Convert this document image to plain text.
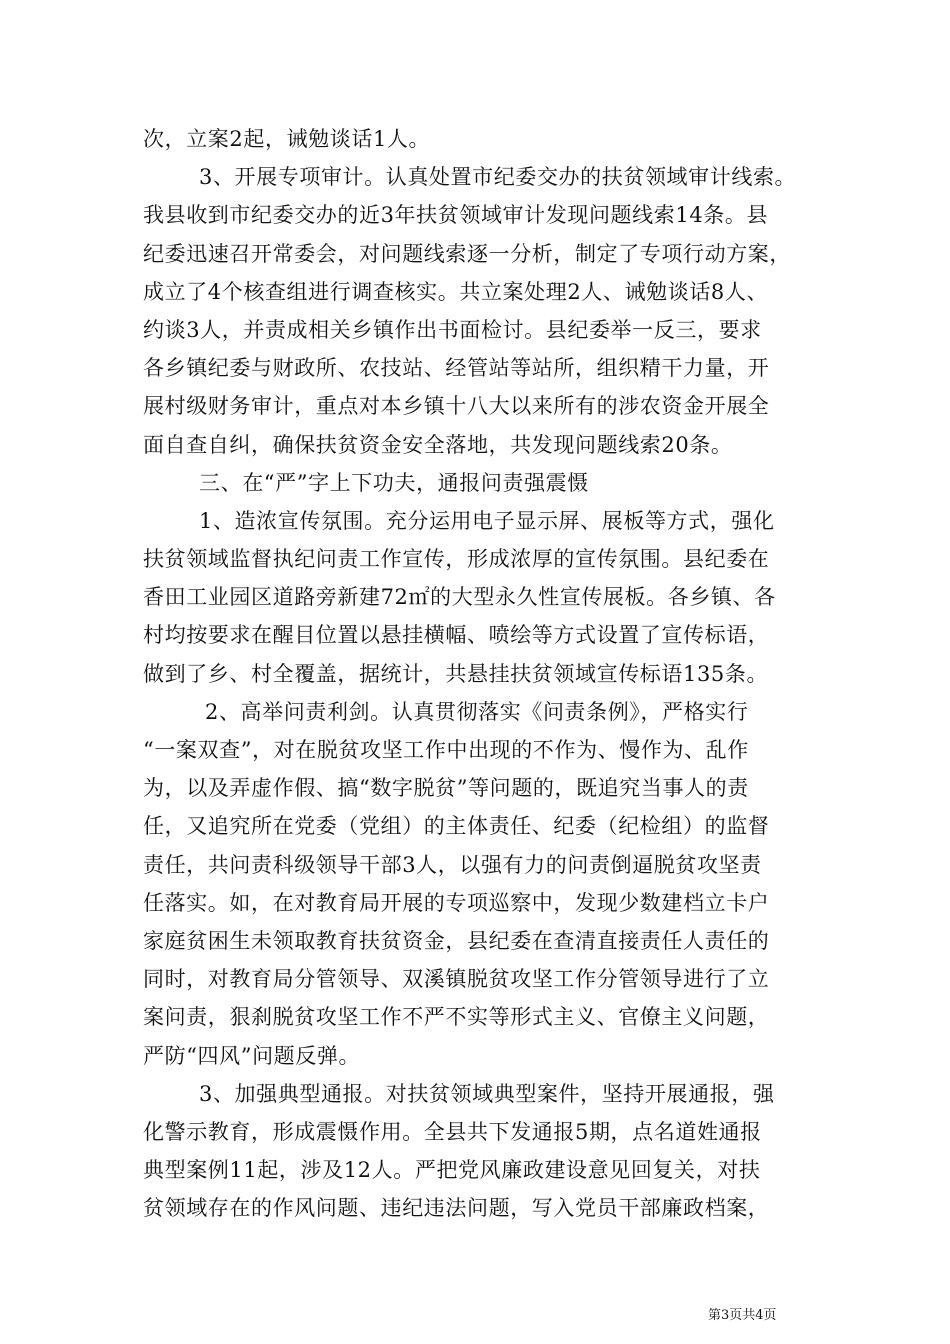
次，立案2起，诫勉谈话1人。
3、开展专项审计。认真处置市纪委交办的扶贫领域审计线索。
我县收到市纪委交办的近3年扶贫领域审计发现问题线索14条。县
纪委迅速召开常委会，对问题线索逐一分析，制定了专项行动方案，
成立了4个核查组进行调查核实。共立案处理2人、诫勉谈话8人、
约谈3人，并责成相关乡镇作出书面检讨。县纪委举一反三，要求
各乡镇纪委与财政所、农技站、经管站等站所，组织精干力量，开
展村级财务审计，重点对本乡镇十八大以来所有的涉农资金开展全
面自查自纠，确保扶贫资金安全落地，共发现问题线索20条。
三、在“严”字上下功夫，通报问责强震慑
1、造浓宣传氛围。充分运用电子显示屏、展板等方式，强化
扶贫领域监督执纪问责工作宣传，形成浓厚的宣传氛围。县纪委在
香田工业园区道路旁新建72㎡的大型永久性宣传展板。各乡镇、各
村均按要求在醒目位置以悬挂横幅、喷绘等方式设置了宣传标语，
做到了乡、村全覆盖，据统计，共悬挂扶贫领域宣传标语135条。
2、高举问责利剑。认真贯彻落实《问责条例》，严格实行
“一案双查”，对在脱贫攻坚工作中出现的不作为、慢作为、乱作
为，以及弄虚作假、搞“数字脱贫”等问题的，既追究当事人的责
任，又追究所在党委（党组）的主体责任、纪委（纪检组）的监督
责任，共问责科级领导干部3人，以强有力的问责倒逼脱贫攻坚责
任落实。如，在对教育局开展的专项巡察中，发现少数建档立卡户
家庭贫困生未领取教育扶贫资金，县纪委在查清直接责任人责任的
同时，对教育局分管领导、双溪镇脱贫攻坚工作分管领导进行了立
案问责，狠刹脱贫攻坚工作不严不实等形式主义、官僚主义问题，
严防“四风”问题反弹。
3、加强典型通报。对扶贫领域典型案件，坚持开展通报，强
化警示教育，形成震慑作用。全县共下发通报5期，点名道姓通报
典型案例11起，涉及12人。严把党风廉政建设意见回复关，对扶
贫领域存在的作风问题、违纪违法问题，写入党员干部廉政档案，
第3页共4页
